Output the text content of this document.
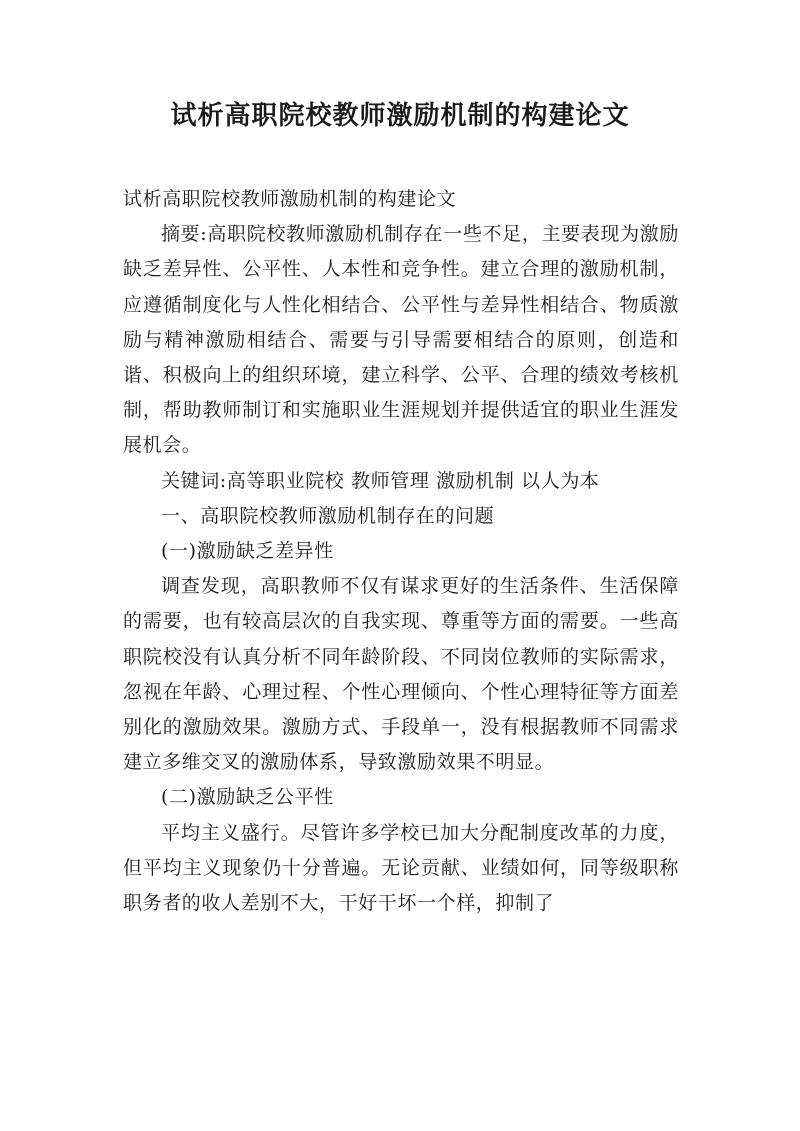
试析高职院校教师激励机制的构建论文

试析高职院校教师激励机制的构建论文

摘要:高职院校教师激励机制存在一些不足，主要表现为激励缺乏差异性、公平性、人本性和竞争性。建立合理的激励机制，应遵循制度化与人性化相结合、公平性与差异性相结合、物质激励与精神激励相结合、需要与引导需要相结合的原则，创造和谐、积极向上的组织环境，建立科学、公平、合理的绩效考核机制，帮助教师制订和实施职业生涯规划并提供适宜的职业生涯发展机会。

关键词:高等职业院校 教师管理 激励机制 以人为本

一、高职院校教师激励机制存在的问题

(一)激励缺乏差异性

调查发现，高职教师不仅有谋求更好的生活条件、生活保障的需要，也有较高层次的自我实现、尊重等方面的需要。一些高职院校没有认真分析不同年龄阶段、不同岗位教师的实际需求，忽视在年龄、心理过程、个性心理倾向、个性心理特征等方面差别化的激励效果。激励方式、手段单一，没有根据教师不同需求建立多维交叉的激励体系，导致激励效果不明显。

(二)激励缺乏公平性

平均主义盛行。尽管许多学校已加大分配制度改革的力度，但平均主义现象仍十分普遍。无论贡献、业绩如何，同等级职称职务者的收人差别不大，干好干坏一个样，抑制了
